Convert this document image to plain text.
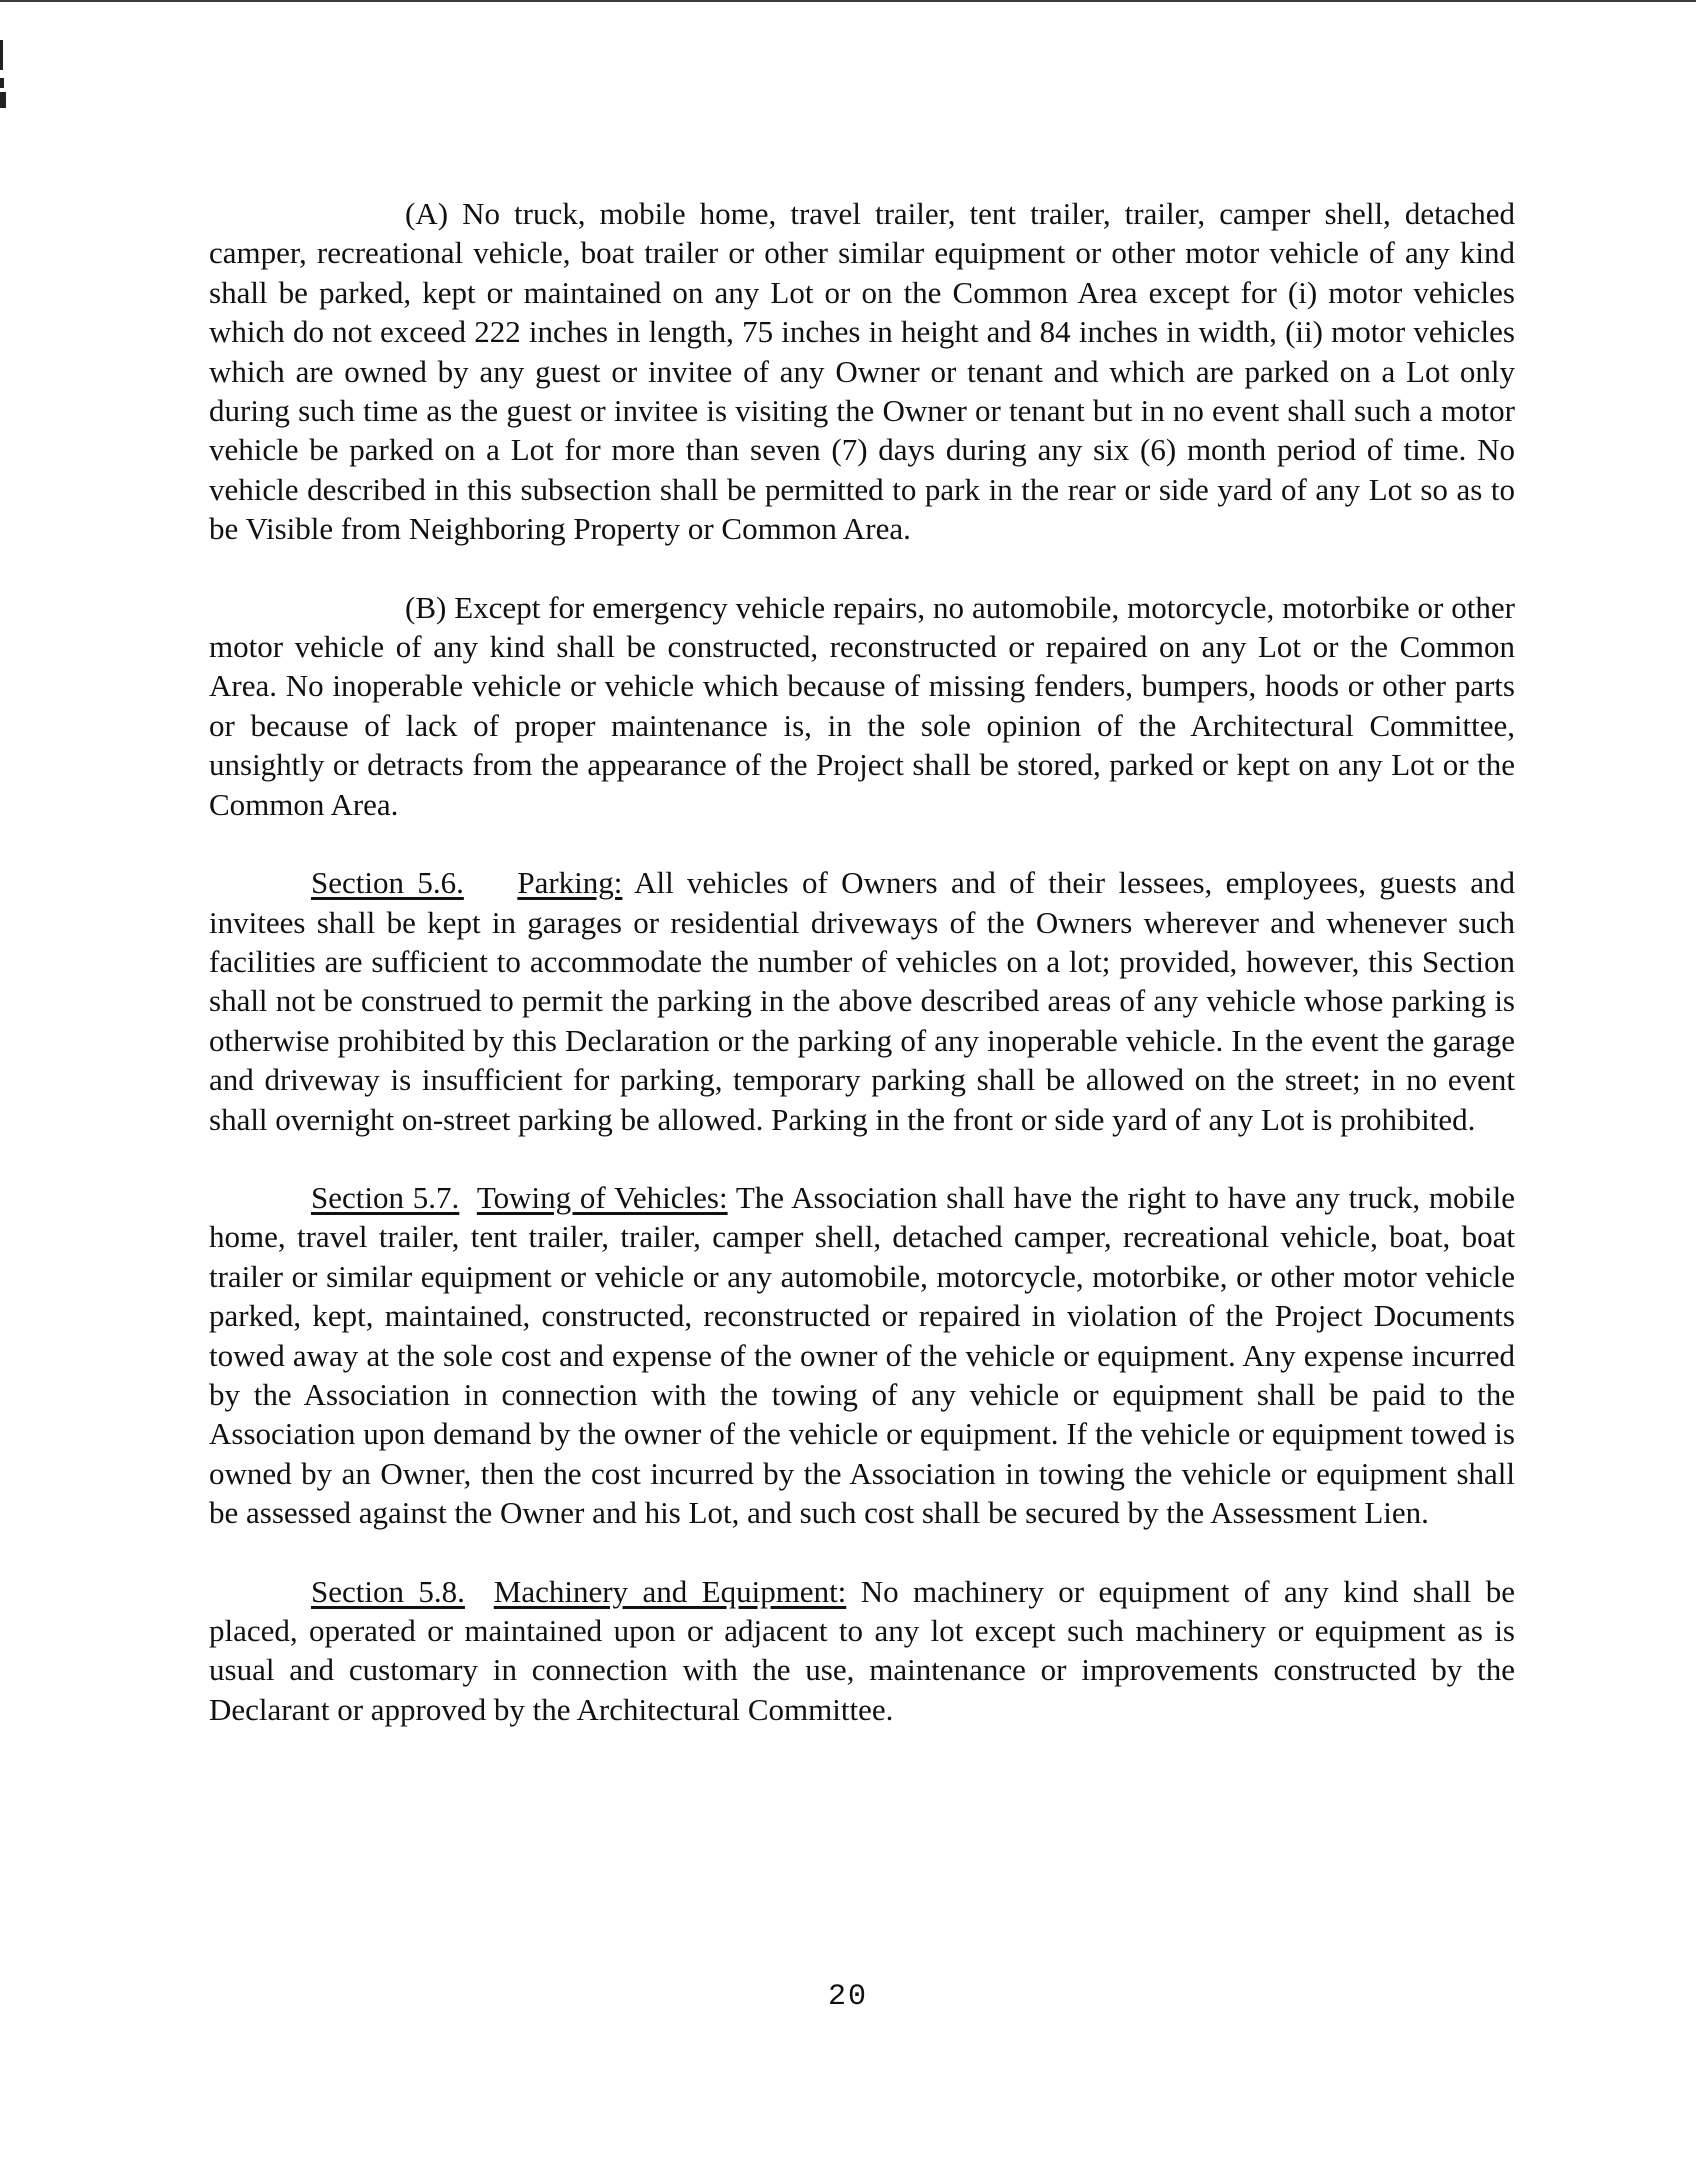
(A) No truck, mobile home, travel trailer, tent trailer, trailer, camper shell, detached camper, recreational vehicle, boat trailer or other similar equipment or other motor vehicle of any kind shall be parked, kept or maintained on any Lot or on the Common Area except for (i) motor vehicles which do not exceed 222 inches in length, 75 inches in height and 84 inches in width, (ii) motor vehicles which are owned by any guest or invitee of any Owner or tenant and which are parked on a Lot only during such time as the guest or invitee is visiting the Owner or tenant but in no event shall such a motor vehicle be parked on a Lot for more than seven (7) days during any six (6) month period of time. No vehicle described in this subsection shall be permitted to park in the rear or side yard of any Lot so as to be Visible from Neighboring Property or Common Area.

(B) Except for emergency vehicle repairs, no automobile, motorcycle, motorbike or other motor vehicle of any kind shall be constructed, reconstructed or repaired on any Lot or the Common Area. No inoperable vehicle or vehicle which because of missing fenders, bumpers, hoods or other parts or because of lack of proper maintenance is, in the sole opinion of the Architectural Committee, unsightly or detracts from the appearance of the Project shall be stored, parked or kept on any Lot or the Common Area.

Section 5.6. Parking: All vehicles of Owners and of their lessees, employees, guests and invitees shall be kept in garages or residential driveways of the Owners wherever and whenever such facilities are sufficient to accommodate the number of vehicles on a lot; provided, however, this Section shall not be construed to permit the parking in the above described areas of any vehicle whose parking is otherwise prohibited by this Declaration or the parking of any inoperable vehicle. In the event the garage and driveway is insufficient for parking, temporary parking shall be allowed on the street; in no event shall overnight on-street parking be allowed. Parking in the front or side yard of any Lot is prohibited.

Section 5.7. Towing of Vehicles: The Association shall have the right to have any truck, mobile home, travel trailer, tent trailer, trailer, camper shell, detached camper, recreational vehicle, boat, boat trailer or similar equipment or vehicle or any automobile, motorcycle, motorbike, or other motor vehicle parked, kept, maintained, constructed, reconstructed or repaired in violation of the Project Documents towed away at the sole cost and expense of the owner of the vehicle or equipment. Any expense incurred by the Association in connection with the towing of any vehicle or equipment shall be paid to the Association upon demand by the owner of the vehicle or equipment. If the vehicle or equipment towed is owned by an Owner, then the cost incurred by the Association in towing the vehicle or equipment shall be assessed against the Owner and his Lot, and such cost shall be secured by the Assessment Lien.

Section 5.8. Machinery and Equipment: No machinery or equipment of any kind shall be placed, operated or maintained upon or adjacent to any lot except such machinery or equipment as is usual and customary in connection with the use, maintenance or improvements constructed by the Declarant or approved by the Architectural Committee.

20
